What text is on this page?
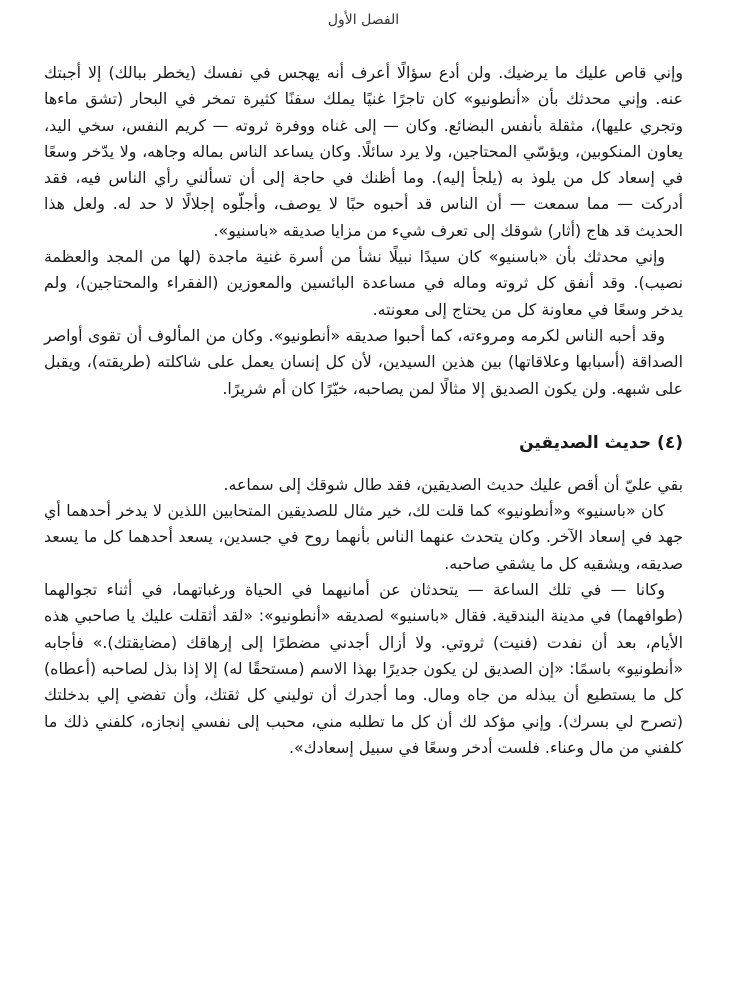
الفصل الأول

وإني قاص عليك ما يرضيك. ولن أدع سؤالًا أعرف أنه يهجس في نفسك (يخطر ببالك) إلا أجبتك عنه. وإني محدثك بأن «أنطونيو» كان تاجرًا غنيًا يملك سفنًا كثيرة تمخر في البحار (تشق ماءها وتجري عليها)، مثقلة بأنفس البضائع. وكان — إلى غناه ووفرة ثروته — كريم النفس، سخي اليد، يعاون المنكوبين، ويؤسّي المحتاجين، ولا يرد سائلًا. وكان يساعد الناس بماله وجاهه، ولا يدّخر وسعًا في إسعاد كل من يلوذ به (يلجأ إليه). وما أظنك في حاجة إلى أن تسألني رأي الناس فيه، فقد أدركت — مما سمعت — أن الناس قد أحبوه حبًا لا يوصف، وأجلّوه إجلالًا لا حد له. ولعل هذا الحديث قد هاج (أثار) شوقك إلى تعرف شيء من مزايا صديقه «باسنيو».

وإني محدثك بأن «باسنيو» كان سيدًا نبيلًا نشأ من أسرة غنية ماجدة (لها من المجد والعظمة نصيب). وقد أنفق كل ثروته وماله في مساعدة البائسين والمعوزين (الفقراء والمحتاجين)، ولم يدخر وسعًا في معاونة كل من يحتاج إلى معونته.

وقد أحبه الناس لكرمه ومروءته، كما أحبوا صديقه «أنطونيو». وكان من المألوف أن تقوى أواصر الصداقة (أسبابها وعلاقاتها) بين هذين السيدين، لأن كل إنسان يعمل على شاكلته (طريقته)، ويقبل على شبهه. ولن يكون الصديق إلا مثالًا لمن يصاحبه، خيّرًا كان أم شريرًا.

(٤) حديث الصديقين

بقي عليّ أن أقص عليك حديث الصديقين، فقد طال شوقك إلى سماعه.

كان «باسنيو» و«أنطونيو» كما قلت لك، خير مثال للصديقين المتحابين اللذين لا يدخر أحدهما أي جهد في إسعاد الآخر. وكان يتحدث عنهما الناس بأنهما روح في جسدين، يسعد أحدهما كل ما يسعد صديقه، ويشقيه كل ما يشقي صاحبه.

وكانا — في تلك الساعة — يتحدثان عن أمانيهما في الحياة ورغباتهما، في أثناء تجوالهما (طوافهما) في مدينة البندقية. فقال «باسنيو» لصديقه «أنطونيو»: «لقد أثقلت عليك يا صاحبي هذه الأيام، بعد أن نفدت (فنيت) ثروتي. ولا أزال أجدني مضطرًا إلى إرهاقك (مضايقتك).» فأجابه «أنطونيو» باسمًا: «إن الصديق لن يكون جديرًا بهذا الاسم (مستحقًا له) إلا إذا بذل لصاحبه (أعطاه) كل ما يستطيع أن يبذله من جاه ومال. وما أجدرك أن توليني كل ثقتك، وأن تفضي إلي بدخلتك (تصرح لي بسرك). وإني مؤكد لك أن كل ما تطلبه مني، محبب إلى نفسي إنجازه، كلفني ذلك ما كلفني من مال وعناء. فلست أدخر وسعًا في سبيل إسعادك».
